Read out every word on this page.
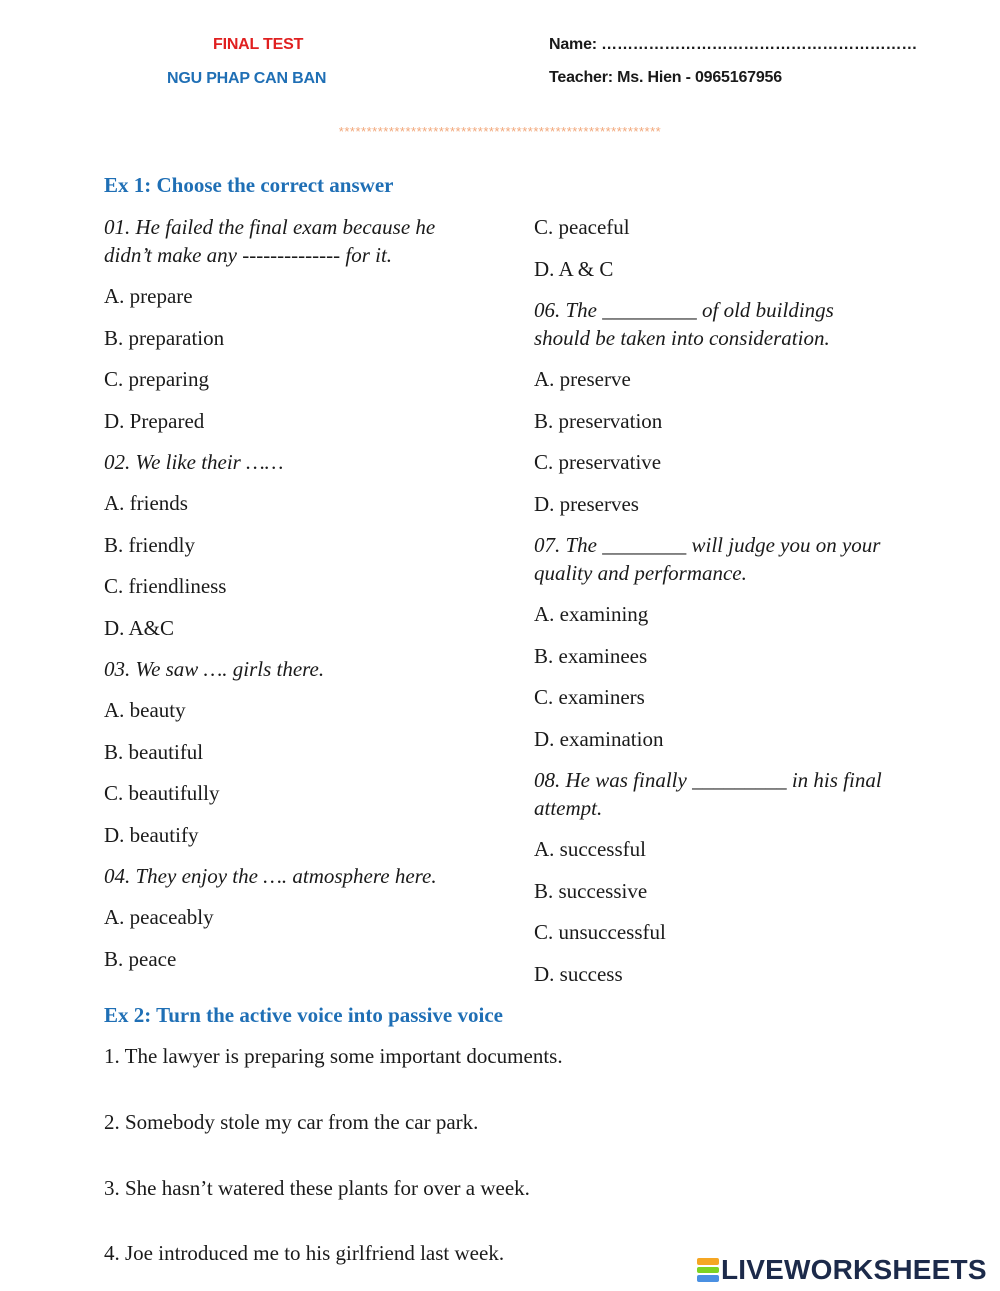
FINAL TEST
NGU PHAP CAN BAN
Name: ……………………………………………………
Teacher: Ms. Hien - 0965167956
**********************************************************
Ex 1: Choose the correct answer
01. He failed the final exam because he didn’t make any -------------- for it.
A. prepare
B. preparation
C. preparing
D. Prepared
02. We like their ……
A. friends
B. friendly
C. friendliness
D. A&C
03. We saw …. girls there.
A. beauty
B. beautiful
C. beautifully
D. beautify
04. They enjoy the …. atmosphere here.
A. peaceably
B. peace
C. peaceful
D. A & C
06. The _________ of old buildings should be taken into consideration.
A. preserve
B. preservation
C. preservative
D. preserves
07. The ________ will judge you on your quality and performance.
A. examining
B. examinees
C. examiners
D. examination
08. He was finally _________ in his final attempt.
A. successful
B. successive
C. unsuccessful
D. success
Ex 2: Turn the active voice into passive voice
1. The lawyer is preparing some important documents.
2. Somebody stole my car from the car park.
3. She hasn’t watered these plants for over a week.
4. Joe introduced me to his girlfriend last week.
LIVEWORKSHEETS
